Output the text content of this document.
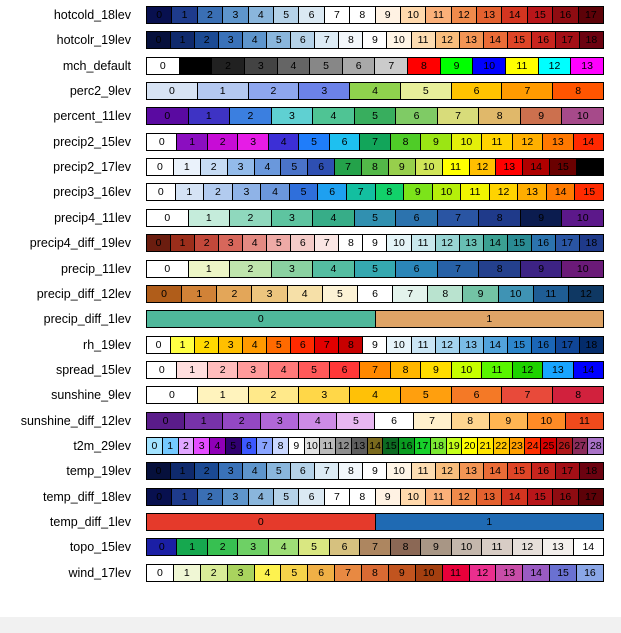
hotcold_18lev	0	1	2	3	4	5	6	7	8	9	10	11	12	13	14	15	16	17
hotcolr_19lev	0	1	2	3	4	5	6	7	8	9	10	11	12	13	14	15	16	17	18
mch_default	0	1	2	3	4	5	6	7	8	9	10	11	12	13
perc2_9lev	0	1	2	3	4	5	6	7	8
percent_11lev	0	1	2	3	4	5	6	7	8	9	10
precip2_15lev	0	1	2	3	4	5	6	7	8	9	10	11	12	13	14
precip2_17lev	0	1	2	3	4	5	6	7	8	9	10	11	12	13	14	15	16
precip3_16lev	0	1	2	3	4	5	6	7	8	9	10	11	12	13	14	15
precip4_11lev	0	1	2	3	4	5	6	7	8	9	10
precip4_diff_19lev	0	1	2	3	4	5	6	7	8	9	10	11	12	13	14	15	16	17	18
precip_11lev	0	1	2	3	4	5	6	7	8	9	10
precip_diff_12lev	0	1	2	3	4	5	6	7	8	9	10	11	12
precip_diff_1lev	0	1
rh_19lev	0	1	2	3	4	5	6	7	8	9	10	11	12	13	14	15	16	17	18
spread_15lev	0	1	2	3	4	5	6	7	8	9	10	11	12	13	14
sunshine_9lev	0	1	2	3	4	5	6	7	8
sunshine_diff_12lev	0	1	2	3	4	5	6	7	8	9	10	11
t2m_29lev	0 1 2 3 4 5 6 7 8 9 10 11 12 13 14 15 16 17 18 19 20 21 22 23 24 25 26 27 28
temp_19lev	0	1	2	3	4	5	6	7	8	9	10	11	12	13	14	15	16	17	18
temp_diff_18lev	0	1	2	3	4	5	6	7	8	9	10	11	12	13	14	15	16	17
temp_diff_1lev	0	1
topo_15lev	0	1	2	3	4	5	6	7	8	9	10	11	12	13	14
wind_17lev	0	1	2	3	4	5	6	7	8	9	10	11	12	13	14	15	16
